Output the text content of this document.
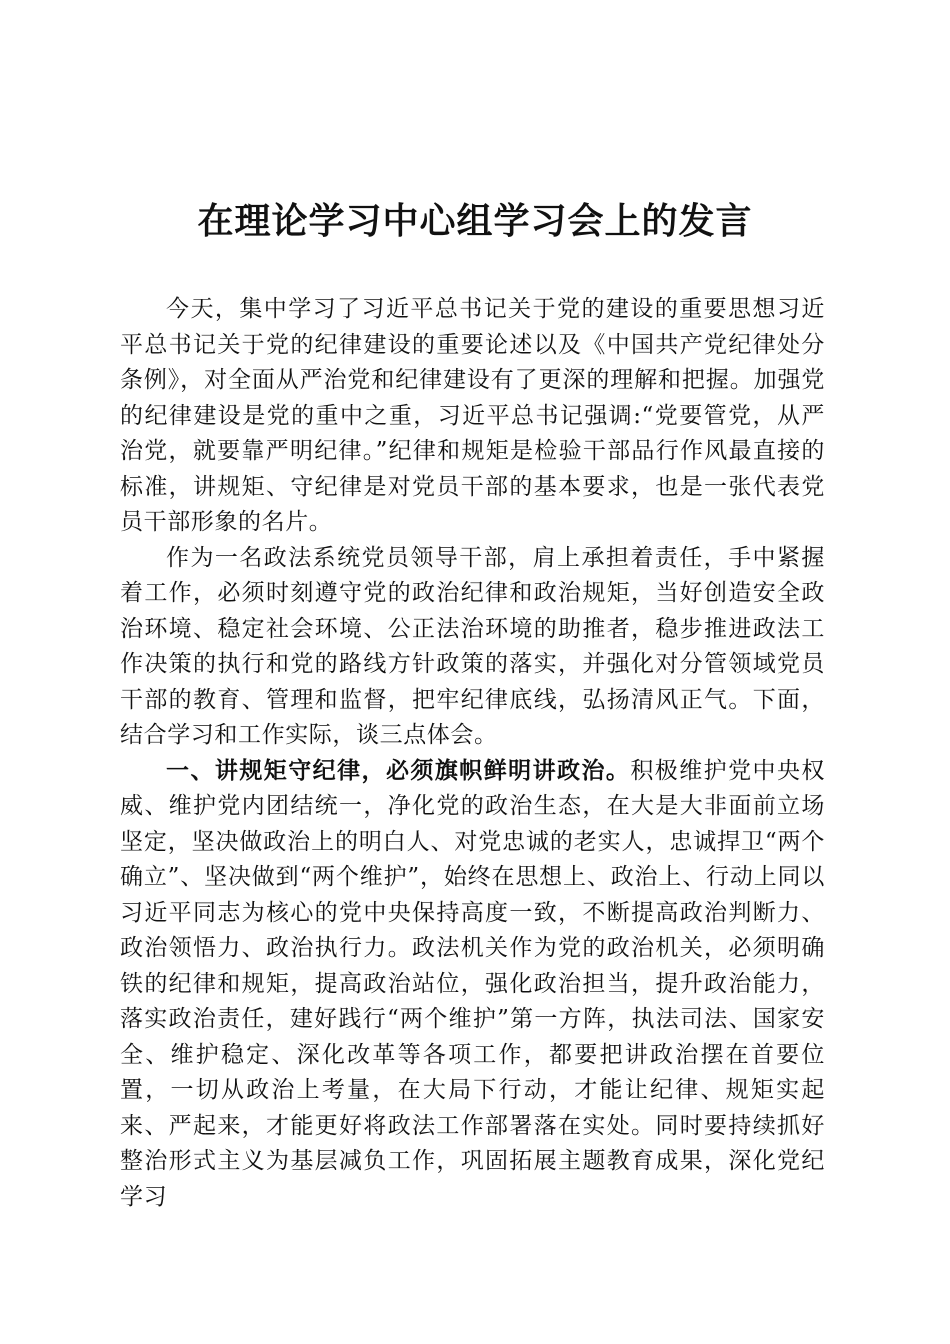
在理论学习中心组学习会上的发言

今天，集中学习了习近平总书记关于党的建设的重要思想习近平总书记关于党的纪律建设的重要论述以及《中国共产党纪律处分条例》，对全面从严治党和纪律建设有了更深的理解和把握。加强党的纪律建设是党的重中之重，习近平总书记强调:“党要管党，从严治党，就要靠严明纪律。”纪律和规矩是检验干部品行作风最直接的标准，讲规矩、守纪律是对党员干部的基本要求，也是一张代表党员干部形象的名片。

作为一名政法系统党员领导干部，肩上承担着责任，手中紧握着工作，必须时刻遵守党的政治纪律和政治规矩，当好创造安全政治环境、稳定社会环境、公正法治环境的助推者，稳步推进政法工作决策的执行和党的路线方针政策的落实，并强化对分管领域党员干部的教育、管理和监督，把牢纪律底线，弘扬清风正气。下面，结合学习和工作实际，谈三点体会。

一、讲规矩守纪律，必须旗帜鲜明讲政治。积极维护党中央权威、维护党内团结统一，净化党的政治生态，在大是大非面前立场坚定，坚决做政治上的明白人、对党忠诚的老实人，忠诚捍卫“两个确立”、坚决做到“两个维护”，始终在思想上、政治上、行动上同以习近平同志为核心的党中央保持高度一致，不断提高政治判断力、政治领悟力、政治执行力。政法机关作为党的政治机关，必须明确铁的纪律和规矩，提高政治站位，强化政治担当，提升政治能力，落实政治责任，建好践行“两个维护”第一方阵，执法司法、国家安全、维护稳定、深化改革等各项工作，都要把讲政治摆在首要位置，一切从政治上考量，在大局下行动，才能让纪律、规矩实起来、严起来，才能更好将政法工作部署落在实处。同时要持续抓好整治形式主义为基层减负工作，巩固拓展主题教育成果，深化党纪学习
